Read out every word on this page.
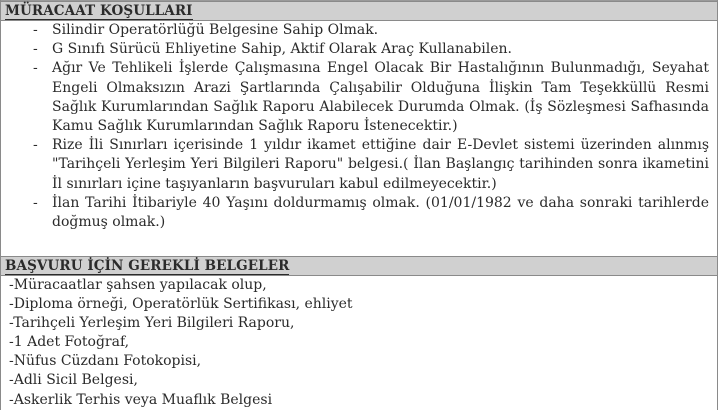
MÜRACAAT KOŞULLARI
- Silindir Operatörlüğü Belgesine Sahip Olmak.
- G Sınıfı Sürücü Ehliyetine Sahip, Aktif Olarak Araç Kullanabilen.
- Ağır Ve Tehlikeli İşlerde Çalışmasına Engel Olacak Bir Hastalığının Bulunmadığı, Seyahat Engeli Olmaksızın Arazi Şartlarında Çalışabilir Olduğuna İlişkin Tam Teşekküllü Resmi Sağlık Kurumlarından Sağlık Raporu Alabilecek Durumda Olmak. (İş Sözleşmesi Safhasında Kamu Sağlık Kurumlarından Sağlık Raporu İstenecektir.)
- Rize İli Sınırları içerisinde 1 yıldır ikamet ettiğine dair E-Devlet sistemi üzerinden alınmış "Tarihçeli Yerleşim Yeri Bilgileri Raporu" belgesi.( İlan Başlangıç tarihinden sonra ikametini İl sınırları içine taşıyanların başvuruları kabul edilmeyecektir.)
- İlan Tarihi İtibariyle 40 Yaşını doldurmamış olmak. (01/01/1982 ve daha sonraki tarihlerde doğmuş olmak.)
BAŞVURU İÇİN GEREKLİ BELGELER
-Müracaatlar şahsen yapılacak olup,
-Diploma örneği, Operatörlük Sertifikası, ehliyet
-Tarihçeli Yerleşim Yeri Bilgileri Raporu,
-1 Adet Fotoğraf,
-Nüfus Cüzdanı Fotokopisi,
-Adli Sicil Belgesi,
-Askerlik Terhis veya Muaflık Belgesi
